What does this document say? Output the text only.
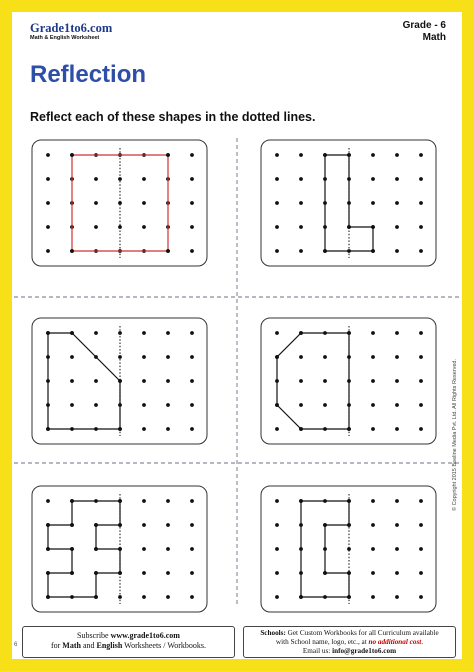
Grade1to6.com
Math & English Worksheet
Grade - 6
Math
Reflection

Reflect each of these shapes in the dotted lines.

© Copyright 2015 Beeline Media Pvt. Ltd. All Rights Reserved.
6
Subscribe www.grade1to6.com
for Math and English Worksheets / Workbooks.
Schools: Get Custom Workbooks for all Curriculum available
with School name, logo, etc., at no additional cost.
Email us: info@grade1to6.com
